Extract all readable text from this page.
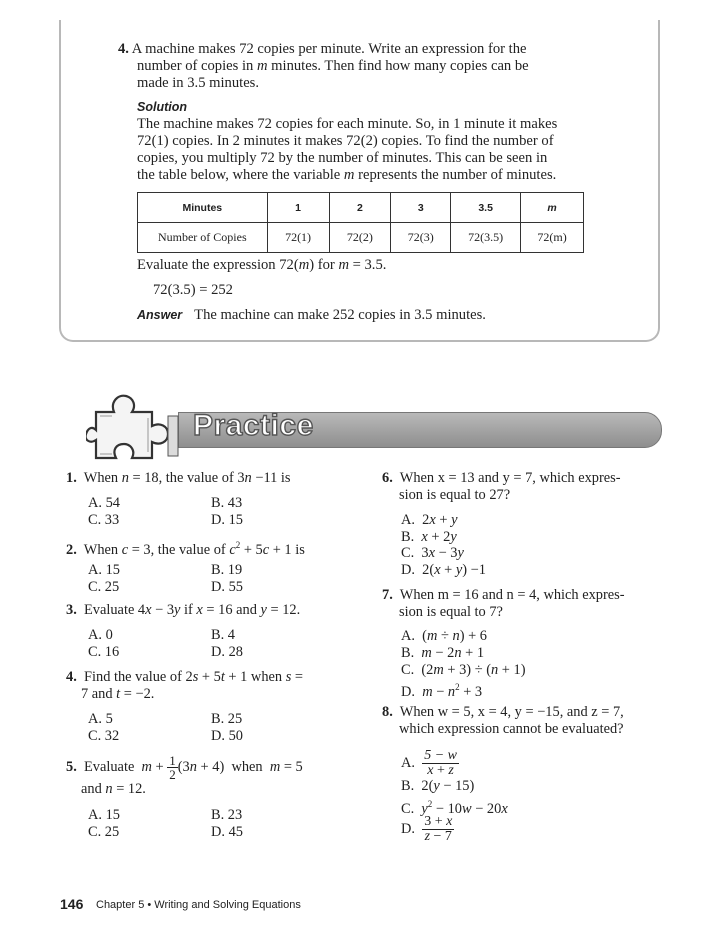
4. A machine makes 72 copies per minute. Write an expression for the
number of copies in m minutes. Then find how many copies can be
made in 3.5 minutes.
Solution
The machine makes 72 copies for each minute. So, in 1 minute it makes
72(1) copies. In 2 minutes it makes 72(2) copies. To find the number of
copies, you multiply 72 by the number of minutes. This can be seen in
the table below, where the variable m represents the number of minutes.
Minutes	1	2	3	3.5	m
Number of Copies	72(1)	72(2)	72(3)	72(3.5)	72(m)
Evaluate the expression 72(m) for m = 3.5.
72(3.5) = 252
Answer The machine can make 252 copies in 3.5 minutes.
Practice
1.  When n = 18, the value of 3n −11 is
A. 54	B. 43
C. 33	D. 15
2.  When c = 3, the value of $c^2 + 5c + 1$ is
A. 15	B. 19
C. 25	D. 55
3.  Evaluate 4x − 3y if x = 16 and y = 12.
A. 0	B. 4
C. 16	D. 28
4.  Find the value of 2s + 5t + 1 when s =
7 and t = −2.
A. 5	B. 25
C. 32	D. 50
5.  Evaluate  $m + \frac{1}{2} (3n + 4)$  when  m = 5
and n = 12.
A. 15	B. 23
C. 25	D. 45
6. When x = 13 and y = 7, which expres-
sion is equal to 27?
A.  2x + y
B.  x + 2y
C.  3x − 3y
D.  2(x + y) −1
7. When m = 16 and n = 4, which expres-
sion is equal to 7?
A.  (m ÷ n) + 6
B.  m − 2n + 1
C.  (2m + 3) ÷ (n + 1)
D.  $m - n^2 + 3$
8. When w = 5, x = 4, y = −15, and z = 7,
which expression cannot be evaluated?
A. $\frac{5 - w}{x + z}$
B.  2(y − 15)
C.  $y^2 - 10w - 20x$
D. $\frac{3 + x}{z - 7}$
146 Chapter 5 • Writing and Solving Equations
